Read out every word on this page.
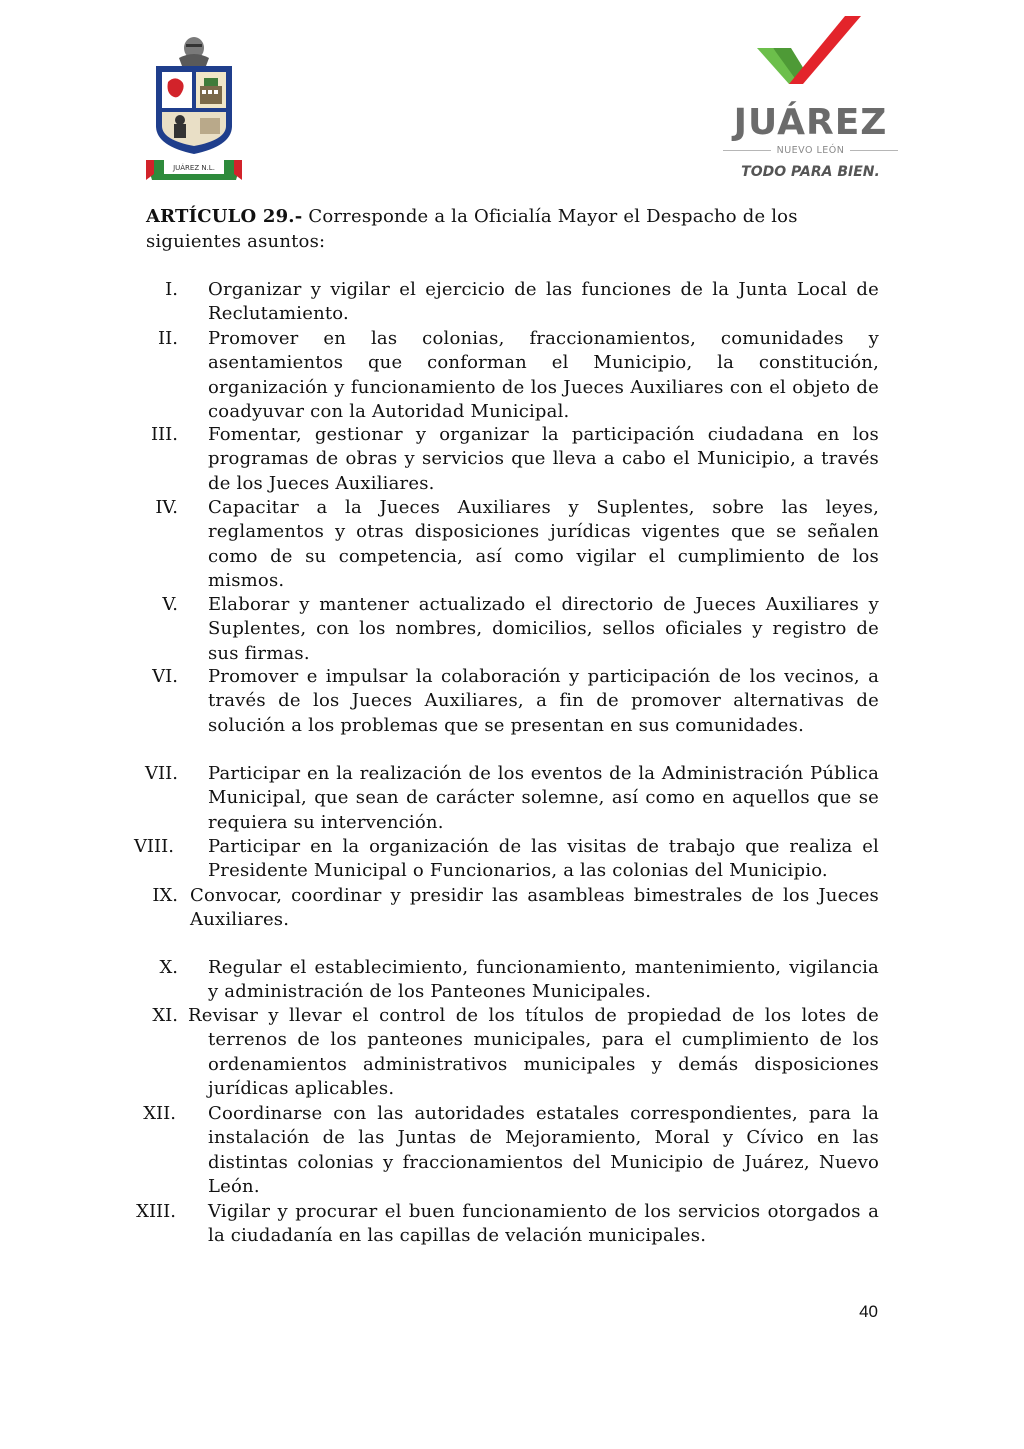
JUÁREZ N.L.
JUÁREZ
NUEVO LEÓN
TODO PARA BIEN.
ARTÍCULO 29.- Corresponde a la Oficialía Mayor el Despacho de los siguientes asuntos:
I. Organizar y vigilar el ejercicio de las funciones de la Junta Local de Reclutamiento.
II. Promover en las colonias, fraccionamientos, comunidades y asentamientos que conforman el Municipio, la constitución, organización y funcionamiento de los Jueces Auxiliares con el objeto de coadyuvar con la Autoridad Municipal.
III. Fomentar, gestionar y organizar la participación ciudadana en los programas de obras y servicios que lleva a cabo el Municipio, a través de los Jueces Auxiliares.
IV. Capacitar a la Jueces Auxiliares y Suplentes, sobre las leyes, reglamentos y otras disposiciones jurídicas vigentes que se señalen como de su competencia, así como vigilar el cumplimiento de los mismos.
V. Elaborar y mantener actualizado el directorio de Jueces Auxiliares y Suplentes, con los nombres, domicilios, sellos oficiales y registro de sus firmas.
VI. Promover e impulsar la colaboración y participación de los vecinos, a través de los Jueces Auxiliares, a fin de promover alternativas de solución a los problemas que se presentan en sus comunidades.
VII. Participar en la realización de los eventos de la Administración Pública Municipal, que sean de carácter solemne, así como en aquellos que se requiera su intervención.
VIII. Participar en la organización de las visitas de trabajo que realiza el Presidente Municipal o Funcionarios, a las colonias del Municipio.
IX. Convocar, coordinar y presidir las asambleas bimestrales de los Jueces Auxiliares.
X. Regular el establecimiento, funcionamiento, mantenimiento, vigilancia y administración de los Panteones Municipales.
XI. Revisar y llevar el control de los títulos de propiedad de los lotes de
terrenos de los panteones municipales, para el cumplimiento de los ordenamientos administrativos municipales y demás disposiciones jurídicas aplicables.
XII. Coordinarse con las autoridades estatales correspondientes, para la instalación de las Juntas de Mejoramiento, Moral y Cívico en las distintas colonias y fraccionamientos del Municipio de Juárez, Nuevo León.
XIII. Vigilar y procurar el buen funcionamiento de los servicios otorgados a la ciudadanía en las capillas de velación municipales.
40
